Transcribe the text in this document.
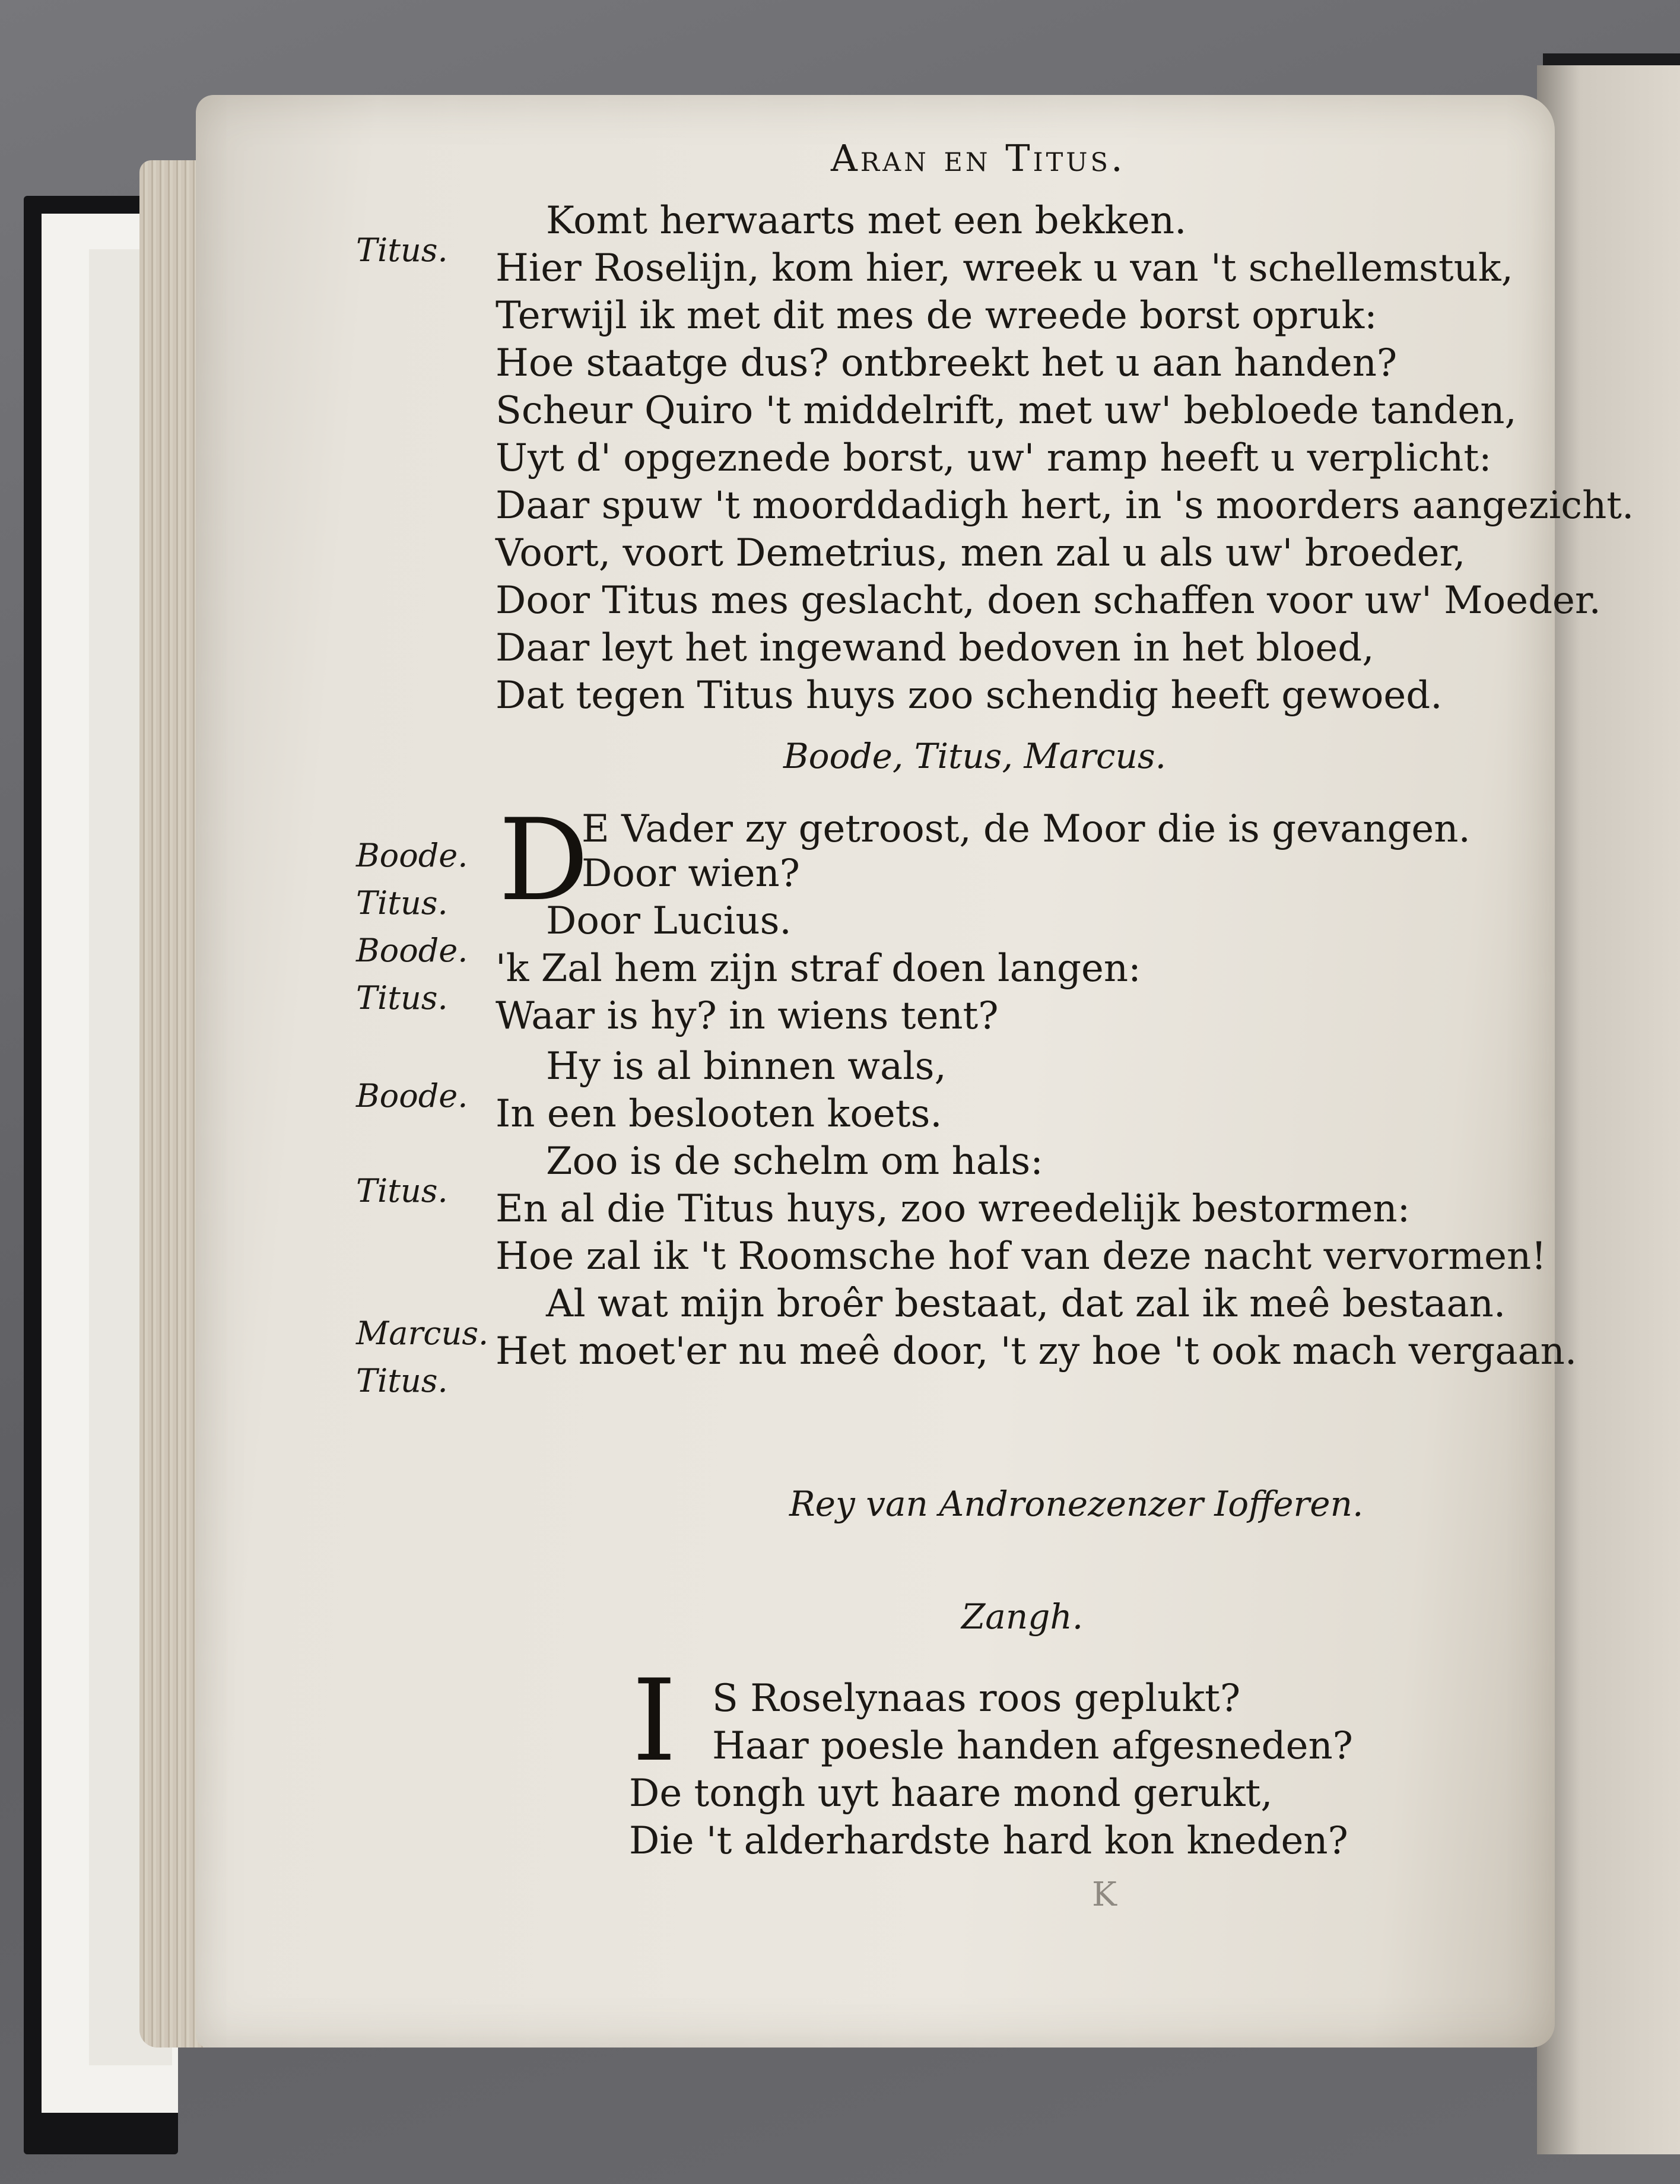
Aran en Titus.
Titus.
Komt herwaarts met een bekken.
Hier Roselijn, kom hier, wreek u van 't schellemstuk,
Terwijl ik met dit mes de wreede borst opruk:
Hoe staatge dus? ontbreekt het u aan handen?
Scheur Quiro 't middelrift, met uw' bebloede tanden,
Uyt d' opgeznede borst, uw' ramp heeft u verplicht:
Daar spuw 't moorddadigh hert, in 's moorders aangezicht.
Voort, voort Demetrius, men zal u als uw' broeder,
Door Titus mes geslacht, doen schaffen voor uw' Moeder.
Daar leyt het ingewand bedoven in het bloed,
Dat tegen Titus huys zoo schendig heeft gewoed.
Boode, Titus, Marcus.
D
Boode.
E Vader zy getroost, de Moor die is gevangen.
Titus.
Door wien?
Boode.
Door Lucius.
Titus.
'k Zal hem zijn straf doen langen:
Waar is hy? in wiens tent?
Boode.
Hy is al binnen wals,
In een beslooten koets.
Titus.
Zoo is de schelm om hals:
En al die Titus huys, zoo wreedelijk bestormen:
Hoe zal ik 't Roomsche hof van deze nacht vervormen!
Marcus.
Al wat mijn broêr bestaat, dat zal ik meê bestaan.
Titus.
Het moet'er nu meê door, 't zy hoe 't ook mach vergaan.
Rey van Andronezenzer Iofferen.
Zangh.
I S Roselynaas roos geplukt?
Haar poesle handen afgesneden?
De tongh uyt haare mond gerukt,
Die 't alderhardste hard kon kneden?
K
